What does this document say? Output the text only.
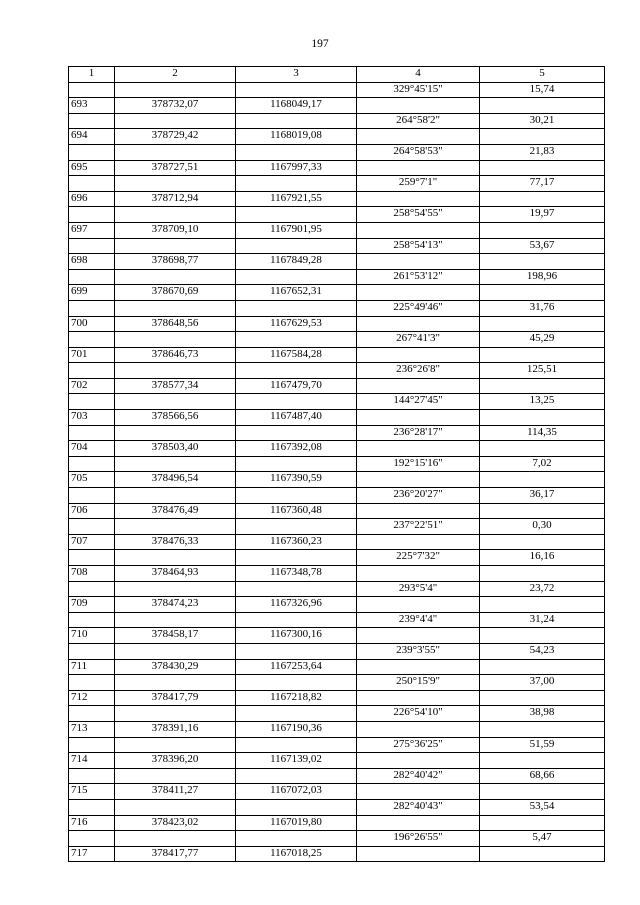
197
1	2	3	4	5
			329°45'15"	15,74
693	378732,07	1168049,17		
			264°58'2"	30,21
694	378729,42	1168019,08		
			264°58'53"	21,83
695	378727,51	1167997,33		
			259°7'1"	77,17
696	378712,94	1167921,55		
			258°54'55"	19,97
697	378709,10	1167901,95		
			258°54'13"	53,67
698	378698,77	1167849,28		
			261°53'12"	198,96
699	378670,69	1167652,31		
			225°49'46"	31,76
700	378648,56	1167629,53		
			267°41'3"	45,29
701	378646,73	1167584,28		
			236°26'8"	125,51
702	378577,34	1167479,70		
			144°27'45"	13,25
703	378566,56	1167487,40		
			236°28'17"	114,35
704	378503,40	1167392,08		
			192°15'16"	7,02
705	378496,54	1167390,59		
			236°20'27"	36,17
706	378476,49	1167360,48		
			237°22'51"	0,30
707	378476,33	1167360,23		
			225°7'32"	16,16
708	378464,93	1167348,78		
			293°5'4"	23,72
709	378474,23	1167326,96		
			239°4'4"	31,24
710	378458,17	1167300,16		
			239°3'55"	54,23
711	378430,29	1167253,64		
			250°15'9"	37,00
712	378417,79	1167218,82		
			226°54'10"	38,98
713	378391,16	1167190,36		
			275°36'25"	51,59
714	378396,20	1167139,02		
			282°40'42"	68,66
715	378411,27	1167072,03		
			282°40'43"	53,54
716	378423,02	1167019,80		
			196°26'55"	5,47
717	378417,77	1167018,25		
